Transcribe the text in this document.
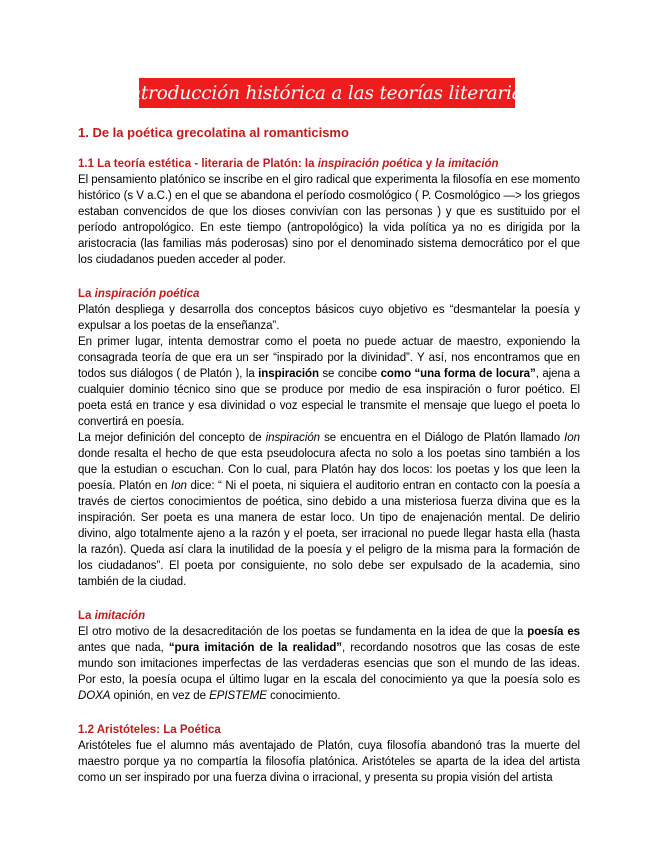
Introducción histórica a las teorías literarias
1. De la poética grecolatina al romanticismo
1.1 La teoría estética - literaria de Platón: la inspiración poética y la imitación

El pensamiento platónico se inscribe en el giro radical que experimenta la filosofía en ese momento histórico (s V a.C.) en el que se abandona el período cosmológico ( P. Cosmológico —> los griegos estaban convencidos de que los dioses convivían con las personas ) y que es sustituido por el período antropológico. En este tiempo (antropológico) la vida política ya no es dirigida por la aristocracia (las familias más poderosas) sino por el denominado sistema democrático por el que los ciudadanos pueden acceder al poder.

La inspiración poética

Platón despliega y desarrolla dos conceptos básicos cuyo objetivo es “desmantelar la poesía y expulsar a los poetas de la enseñanza”.

En primer lugar, intenta demostrar como el poeta no puede actuar de maestro, exponiendo la consagrada teoría de que era un ser “inspirado por la divinidad”. Y así, nos encontramos que en todos sus diálogos ( de Platón ), la inspiración se concibe como “una forma de locura”, ajena a cualquier dominio técnico sino que se produce por medio de esa inspiración o furor poético. El poeta está en trance y esa divinidad o voz especial le transmite el mensaje que luego el poeta lo convertirá en poesía.

La mejor definición del concepto de inspiración se encuentra en el Diálogo de Platón llamado Ion donde resalta el hecho de que esta pseudolocura afecta no solo a los poetas sino también a los que la estudian o escuchan. Con lo cual, para Platón hay dos locos: los poetas y los que leen la poesía. Platón en Ion dice: “ Ni el poeta, ni siquiera el auditorio entran en contacto con la poesía a través de ciertos conocimientos de poética, sino debido a una misteriosa fuerza divina que es la inspiración. Ser poeta es una manera de estar loco. Un tipo de enajenación mental. De delirio divino, algo totalmente ajeno a la razón y el poeta, ser irracional no puede llegar hasta ella (hasta la razón). Queda así clara la inutilidad de la poesía y el peligro de la misma para la formación de los ciudadanos”. El poeta por consiguiente, no solo debe ser expulsado de la academia, sino también de la ciudad.

La imitación

El otro motivo de la desacreditación de los poetas se fundamenta en la idea de que la poesía es antes que nada, “pura imitación de la realidad”, recordando nosotros que las cosas de este mundo son imitaciones imperfectas de las verdaderas esencias que son el mundo de las ideas. Por esto, la poesía ocupa el último lugar en la escala del conocimiento ya que la poesía solo es DOXA opinión, en vez de EPISTEME conocimiento.

1.2 Aristóteles: La Poética

Aristóteles fue el alumno más aventajado de Platón, cuya filosofía abandonó tras la muerte del maestro porque ya no compartía la filosofía platónica. Aristóteles se aparta de la idea del artista como un ser inspirado por una fuerza divina o irracional, y presenta su propia visión del artista
